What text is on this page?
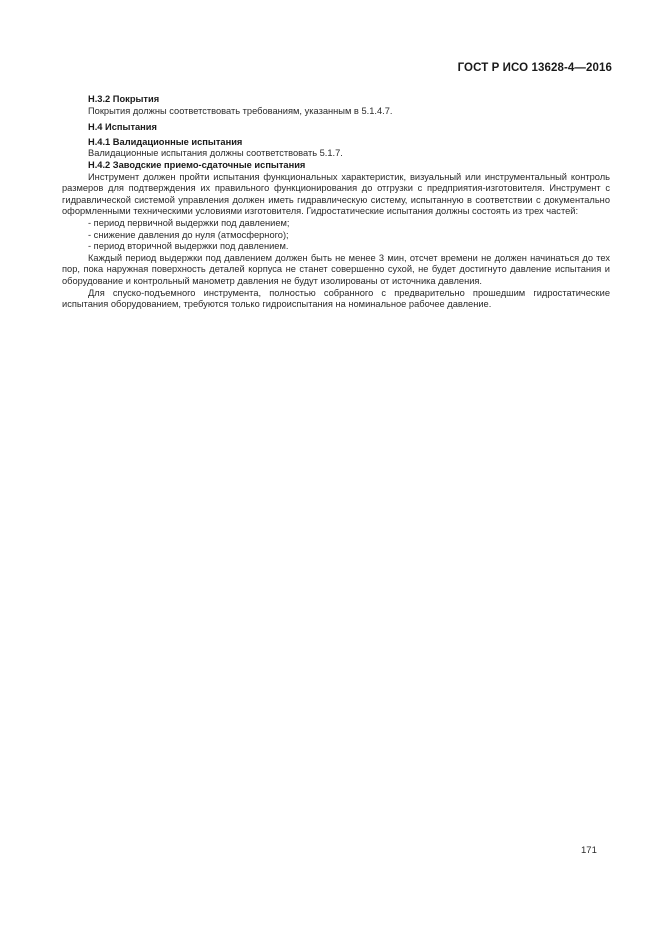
ГОСТ Р ИСО 13628-4—2016
Н.3.2 Покрытия
Покрытия должны соответствовать требованиям, указанным в 5.1.4.7.
Н.4 Испытания
Н.4.1 Валидационные испытания
Валидационные испытания должны соответствовать 5.1.7.
Н.4.2 Заводские приемо-сдаточные испытания
Инструмент должен пройти испытания функциональных характеристик, визуальный или инструментальный контроль размеров для подтверждения их правильного функционирования до отгрузки с предприятия-изготовителя. Инструмент с гидравлической системой управления должен иметь гидравлическую систему, испытанную в соответствии с документально оформленными техническими условиями изготовителя. Гидростатические испытания должны состоять из трех частей:
- период первичной выдержки под давлением;
- снижение давления до нуля (атмосферного);
- период вторичной выдержки под давлением.
Каждый период выдержки под давлением должен быть не менее 3 мин, отсчет времени не должен начинаться до тех пор, пока наружная поверхность деталей корпуса не станет совершенно сухой, не будет достигнуто давление испытания и оборудование и контрольный манометр давления не будут изолированы от источника давления.
Для спуско-подъемного инструмента, полностью собранного с предварительно прошедшим гидростатические испытания оборудованием, требуются только гидроиспытания на номинальное рабочее давление.
171
